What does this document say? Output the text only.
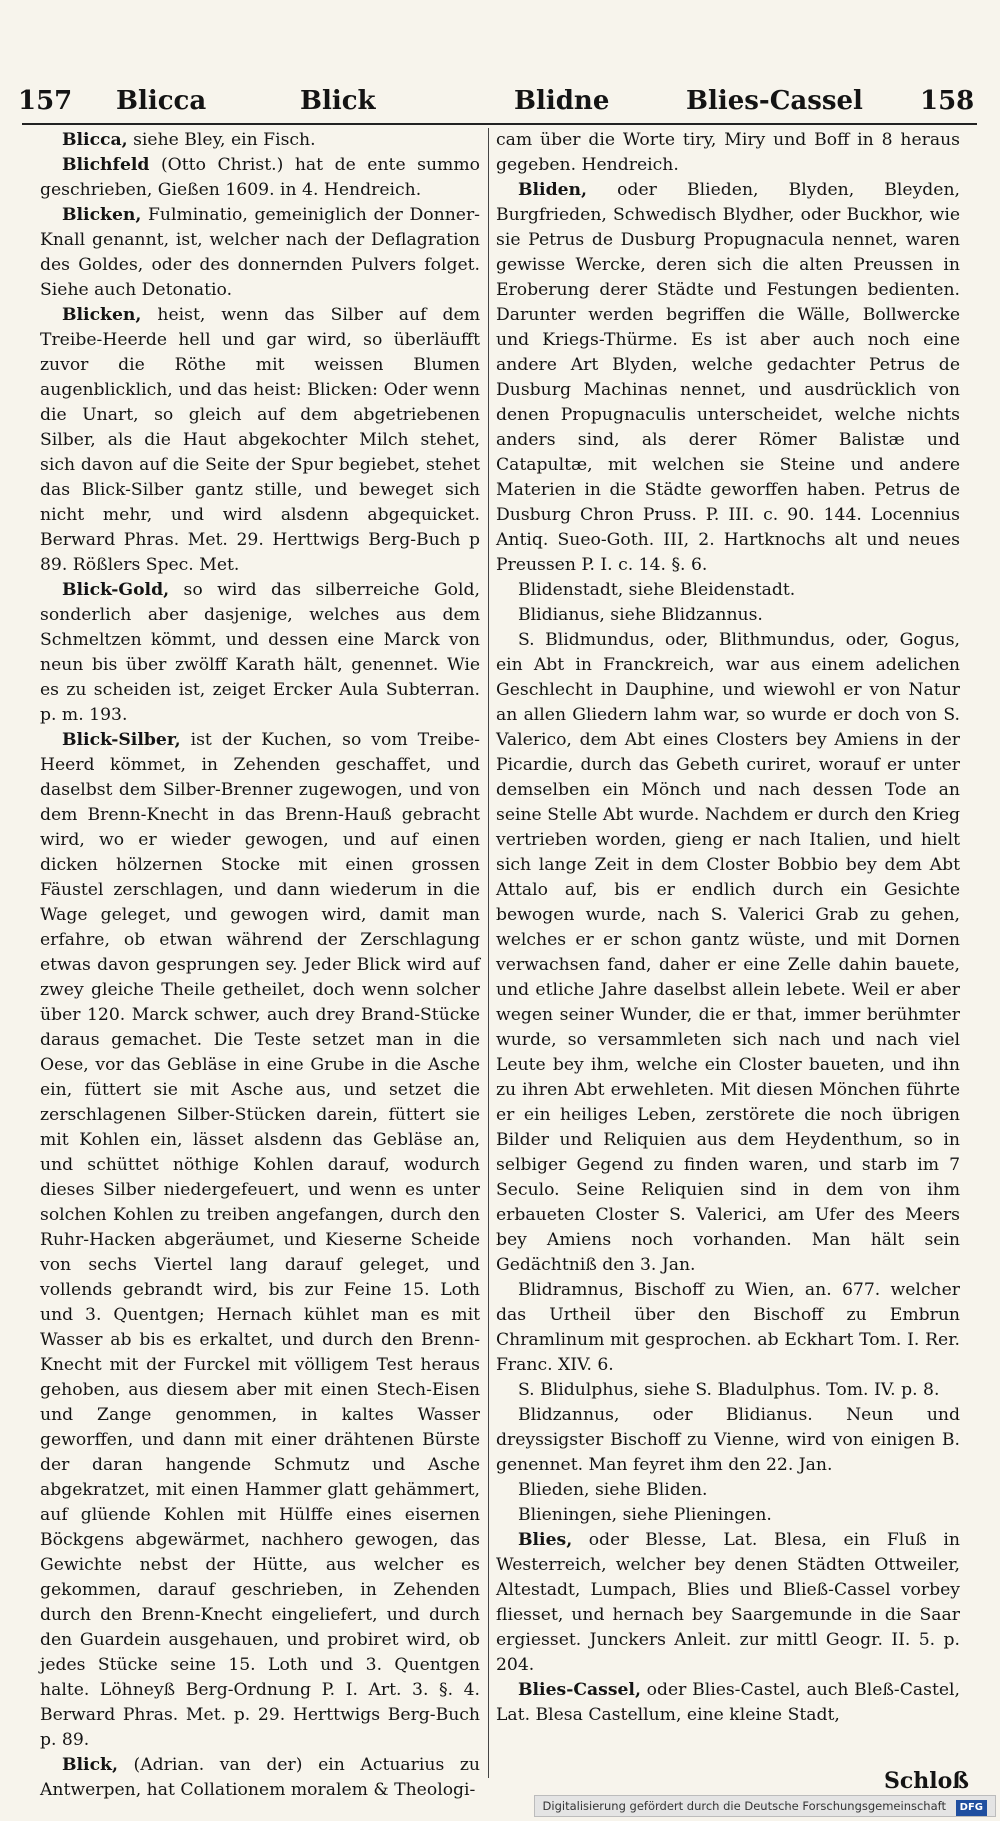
157 Blicca	Blick	Blidne	Blies-Cassel 158

Blicca, siehe Bley, ein Fisch.

Blichfeld (Otto Christ.) hat de ente summo geschrieben, Gießen 1609. in 4. Hendreich.

Blicken, Fulminatio, gemeiniglich der Donner-Knall genannt, ist, welcher nach der Deflagration des Goldes, oder des donnernden Pulvers folget. Siehe auch Detonatio.

Blicken, heist, wenn das Silber auf dem Treibe-Heerde hell und gar wird, so überläufft zuvor die Röthe mit weissen Blumen augenblicklich, und das heist: Blicken: Oder wenn die Unart, so gleich auf dem abgetriebenen Silber, als die Haut abgekochter Milch stehet, sich davon auf die Seite der Spur begiebet, stehet das Blick-Silber gantz stille, und beweget sich nicht mehr, und wird alsdenn abgequicket. Berward Phras. Met. 29. Herttwigs Berg-Buch p 89. Rößlers Spec. Met.

Blick-Gold, so wird das silberreiche Gold, sonderlich aber dasjenige, welches aus dem Schmeltzen kömmt, und dessen eine Marck von neun bis über zwölff Karath hält, genennet. Wie es zu scheiden ist, zeiget Ercker Aula Subterran. p. m. 193.

Blick-Silber, ist der Kuchen, so vom Treibe-Heerd kömmet, in Zehenden geschaffet, und daselbst dem Silber-Brenner zugewogen, und von dem Brenn-Knecht in das Brenn-Hauß gebracht wird, wo er wieder gewogen, und auf einen dicken hölzernen Stocke mit einen grossen Fäustel zerschlagen, und dann wiederum in die Wage geleget, und gewogen wird, damit man erfahre, ob etwan während der Zerschlagung etwas davon gesprungen sey. Jeder Blick wird auf zwey gleiche Theile getheilet, doch wenn solcher über 120. Marck schwer, auch drey Brand-Stücke daraus gemachet. Die Teste setzet man in die Oese, vor das Gebläse in eine Grube in die Asche ein, füttert sie mit Asche aus, und setzet die zerschlagenen Silber-Stücken darein, füttert sie mit Kohlen ein, lässet alsdenn das Gebläse an, und schüttet nöthige Kohlen darauf, wodurch dieses Silber niedergefeuert, und wenn es unter solchen Kohlen zu treiben angefangen, durch den Ruhr-Hacken abgeräumet, und Kieserne Scheide von sechs Viertel lang darauf geleget, und vollends gebrandt wird, bis zur Feine 15. Loth und 3. Quentgen; Hernach kühlet man es mit Wasser ab bis es erkaltet, und durch den Brenn-Knecht mit der Furckel mit völligem Test heraus gehoben, aus diesem aber mit einen Stech-Eisen und Zange genommen, in kaltes Wasser geworffen, und dann mit einer drähtenen Bürste der daran hangende Schmutz und Asche abgekratzet, mit einen Hammer glatt gehämmert, auf glüende Kohlen mit Hülffe eines eisernen Böckgens abgewärmet, nachhero gewogen, das Gewichte nebst der Hütte, aus welcher es gekommen, darauf geschrieben, in Zehenden durch den Brenn-Knecht eingeliefert, und durch den Guardein ausgehauen, und probiret wird, ob jedes Stücke seine 15. Loth und 3. Quentgen halte. Löhneyß Berg-Ordnung P. I. Art. 3. §. 4. Berward Phras. Met. p. 29. Herttwigs Berg-Buch p. 89.

Blick, (Adrian. van der) ein Actuarius zu Antwerpen, hat Collationem moralem & Theologi-

cam über die Worte tiry, Miry und Boff in 8 heraus gegeben. Hendreich.

Bliden, oder Blieden, Blyden, Bleyden, Burgfrieden, Schwedisch Blydher, oder Buckhor, wie sie Petrus de Dusburg Propugnacula nennet, waren gewisse Wercke, deren sich die alten Preussen in Eroberung derer Städte und Festungen bedienten. Darunter werden begriffen die Wälle, Bollwercke und Kriegs-Thürme. Es ist aber auch noch eine andere Art Blyden, welche gedachter Petrus de Dusburg Machinas nennet, und ausdrücklich von denen Propugnaculis unterscheidet, welche nichts anders sind, als derer Römer Balistæ und Catapultæ, mit welchen sie Steine und andere Materien in die Städte geworffen haben. Petrus de Dusburg Chron Pruss. P. III. c. 90. 144. Locennius Antiq. Sueo-Goth. III, 2. Hartknochs alt und neues Preussen P. I. c. 14. §. 6.

Blidenstadt, siehe Bleidenstadt.

Blidianus, siehe Blidzannus.

S. Blidmundus, oder, Blithmundus, oder, Gogus, ein Abt in Franckreich, war aus einem adelichen Geschlecht in Dauphine, und wiewohl er von Natur an allen Gliedern lahm war, so wurde er doch von S. Valerico, dem Abt eines Closters bey Amiens in der Picardie, durch das Gebeth curiret, worauf er unter demselben ein Mönch und nach dessen Tode an seine Stelle Abt wurde. Nachdem er durch den Krieg vertrieben worden, gieng er nach Italien, und hielt sich lange Zeit in dem Closter Bobbio bey dem Abt Attalo auf, bis er endlich durch ein Gesichte bewogen wurde, nach S. Valerici Grab zu gehen, welches er er schon gantz wüste, und mit Dornen verwachsen fand, daher er eine Zelle dahin bauete, und etliche Jahre daselbst allein lebete. Weil er aber wegen seiner Wunder, die er that, immer berühmter wurde, so versammleten sich nach und nach viel Leute bey ihm, welche ein Closter baueten, und ihn zu ihren Abt erwehleten. Mit diesen Mönchen führte er ein heiliges Leben, zerstörete die noch übrigen Bilder und Reliquien aus dem Heydenthum, so in selbiger Gegend zu finden waren, und starb im 7 Seculo. Seine Reliquien sind in dem von ihm erbaueten Closter S. Valerici, am Ufer des Meers bey Amiens noch vorhanden. Man hält sein Gedächtniß den 3. Jan.

Blidramnus, Bischoff zu Wien, an. 677. welcher das Urtheil über den Bischoff zu Embrun Chramlinum mit gesprochen. ab Eckhart Tom. I. Rer. Franc. XIV. 6.

S. Blidulphus, siehe S. Bladulphus. Tom. IV. p. 8.

Blidzannus, oder Blidianus. Neun und dreyssigster Bischoff zu Vienne, wird von einigen B. genennet. Man feyret ihm den 22. Jan.

Blieden, siehe Bliden.

Blieningen, siehe Plieningen.

Blies, oder Blesse, Lat. Blesa, ein Fluß in Westerreich, welcher bey denen Städten Ottweiler, Altestadt, Lumpach, Blies und Bließ-Cassel vorbey fliesset, und hernach bey Saargemunde in die Saar ergiesset. Junckers Anleit. zur mittl Geogr. II. 5. p. 204.

Blies-Cassel, oder Blies-Castel, auch Bleß-Castel, Lat. Blesa Castellum, eine kleine Stadt,

Schloß
Digitalisierung gefördert durch die Deutsche Forschungsgemeinschaft DFG
